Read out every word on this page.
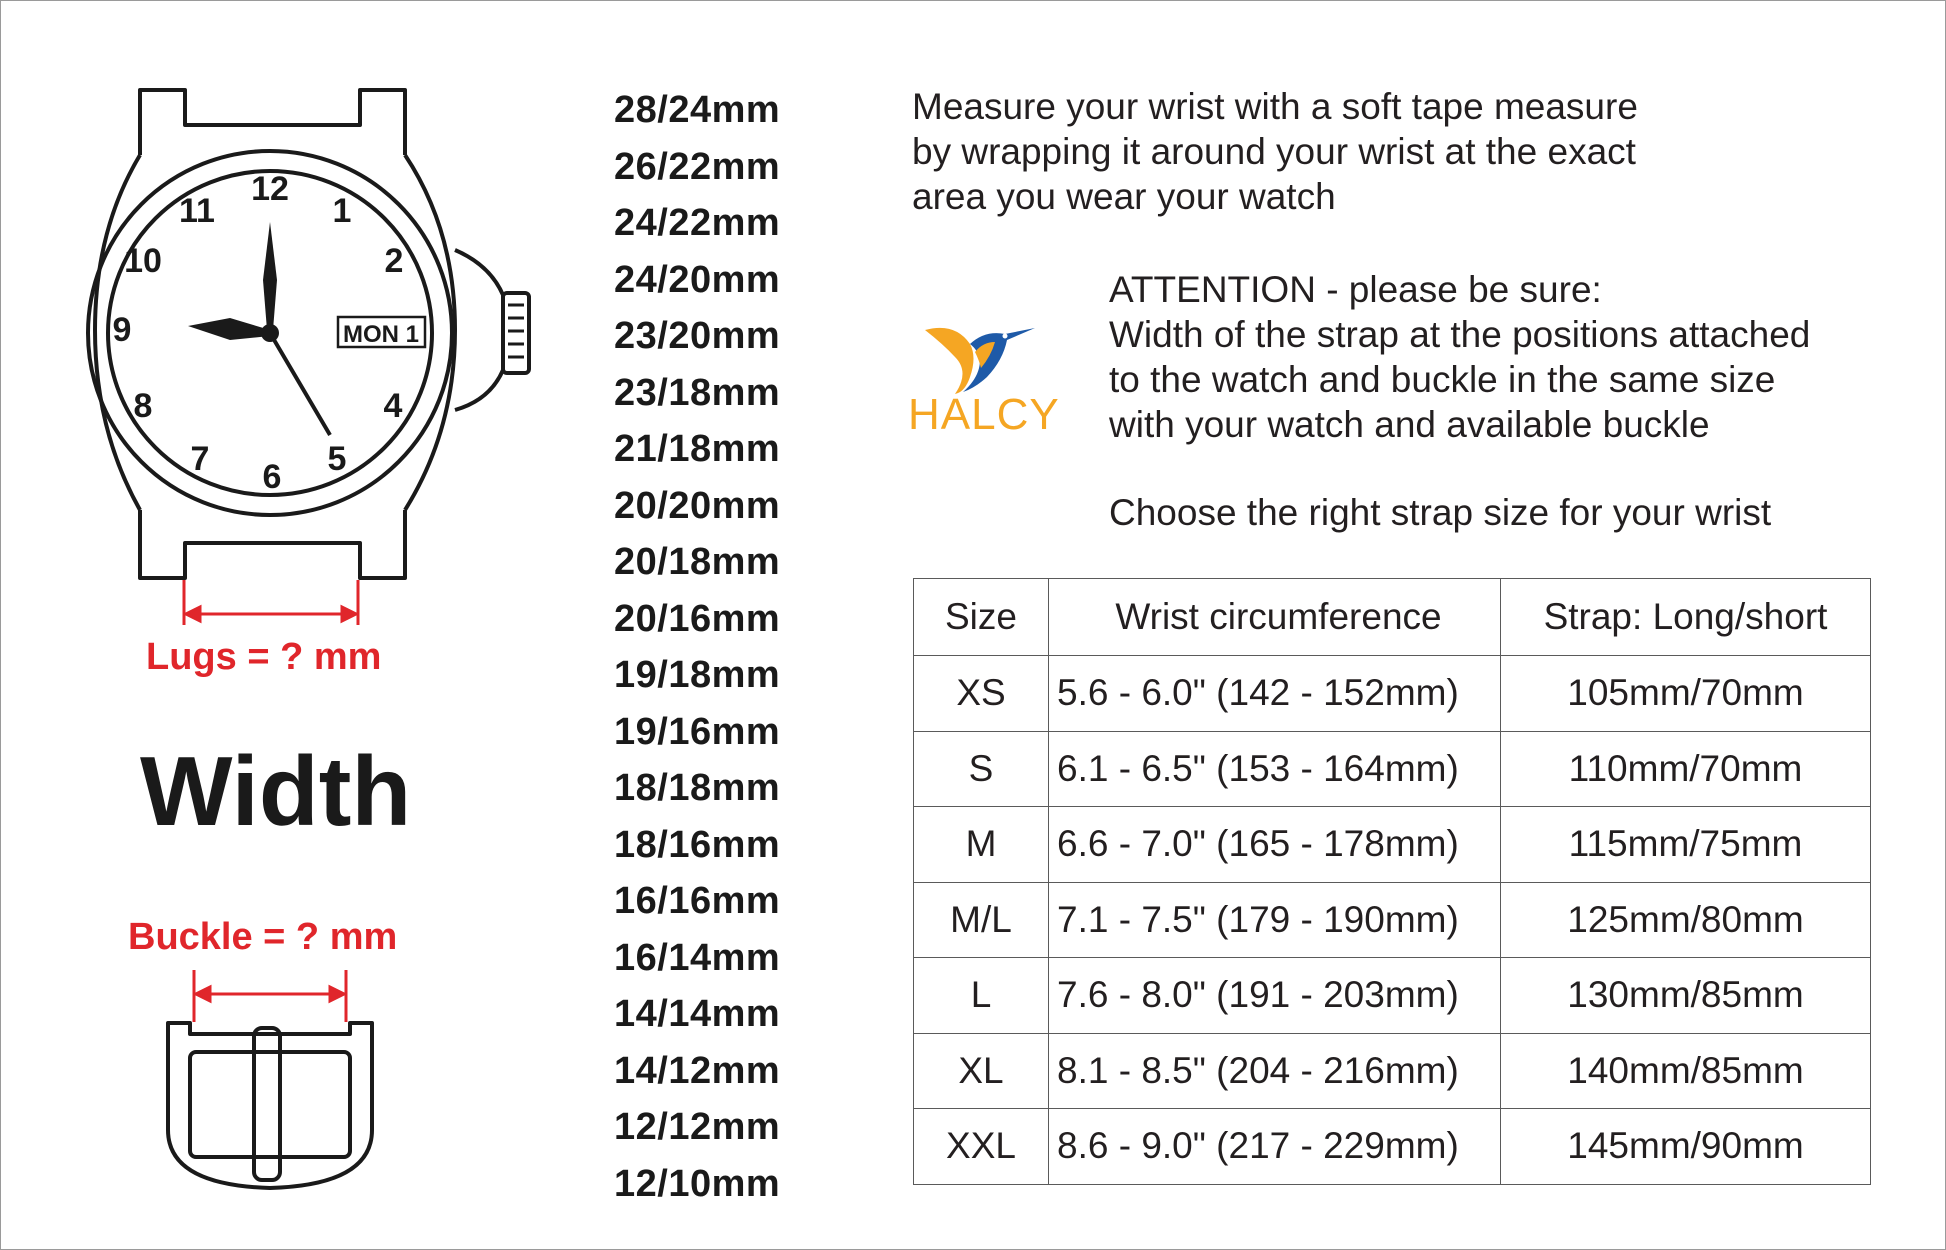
12
1
2
4
5
6
7
8
9
10
11
MON 1
Lugs = ? mm
Width
Buckle = ? mm
28/24mm
26/22mm
24/22mm
24/20mm
23/20mm
23/18mm
21/18mm
20/20mm
20/18mm
20/16mm
19/18mm
19/16mm
18/18mm
18/16mm
16/16mm
16/14mm
14/14mm
14/12mm
12/12mm
12/10mm
Measure your wrist with a soft tape measure
by wrapping it around your wrist at the exact
area you wear your watch
HALCY
ATTENTION - please be sure:
Width of the strap at the positions attached
to the watch and buckle in the same size
with your watch and available buckle
Choose the right strap size for your wrist
Size	Wrist circumference	Strap: Long/short
XS	5.6 - 6.0" (142 - 152mm)	105mm/70mm
S	6.1 - 6.5" (153 - 164mm)	110mm/70mm
M	6.6 - 7.0" (165 - 178mm)	115mm/75mm
M/L	7.1 - 7.5" (179 - 190mm)	125mm/80mm
L	7.6 - 8.0" (191 - 203mm)	130mm/85mm
XL	8.1 - 8.5" (204 - 216mm)	140mm/85mm
XXL	8.6 - 9.0" (217 - 229mm)	145mm/90mm
